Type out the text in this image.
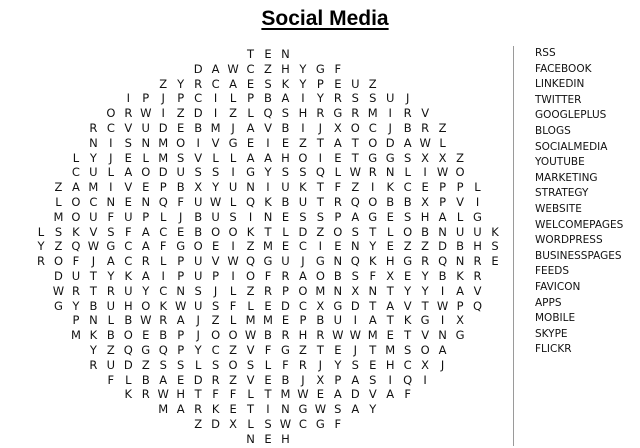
Social Media
T E N
D A W C Z H Y G F
Z Y R C A E S K Y P E U Z
I	P	J	P C	I	L P B A	I	Y R S S U	J
O R W I	Z D I	Z L Q S H R G R M I	R V
R C V U D E B M J	A V B	I	J	X O C	J	B R Z
N I	S N M O I	V G E	I	E Z T A T O D A W L
L Y	J	E L M S V L L A A H O I	E T G G S X X Z
C U L A O D U S S	I G Y S S Q L W R N L	I W O
Z A M I	V E P B X Y U N I	U K T F Z	I	K C E P P L
L O C N E N Q F U W L Q K B U T R Q O B B X P V	I
M O U F U P L	J	B U S	I N E S S P A G E S H A L G
L S K V S F A C E B O O K T L D Z O S T L O B N U U K
Y Z Q W G C A F G O E	I	Z M E C	I	E N Y E Z Z D B H S
R O F	J	A C R L P U V W Q G U	J G N Q K H G R Q N R E
D U T Y K A	I	P U P	I O F R A O B S F X E Y B K R
W R T R U Y C N S	J	L Z R P O M N X N T Y Y	I	A V
G Y B U H O K W U S F L E D C X G D T A V T W P Q
P N L B W R A	J	Z L M M E P B U	I	A T K G I	X
M K B O E B P	J O O W B R H R W W M E T V N G
Y Z Q G Q P Y C Z V F G Z T E	J	T M S O A
R U D Z S S L S O S L F R	J	Y S E H C X	J
F L B A E D R Z V E B	J	X P A S	I Q I
K R W H T F F L T M W E A D V A F
M A R K E T	I N G W S A Y
Z D X L S W C G F
N E H
RSS
FACEBOOK
LINKEDIN
TWITTER
GOOGLEPLUS
BLOGS
SOCIALMEDIA
YOUTUBE
MARKETING
STRATEGY
WEBSITE
WELCOMEPAGES
WORDPRESS
BUSINESSPAGES
FEEDS
FAVICON
APPS
MOBILE
SKYPE
FLICKR
